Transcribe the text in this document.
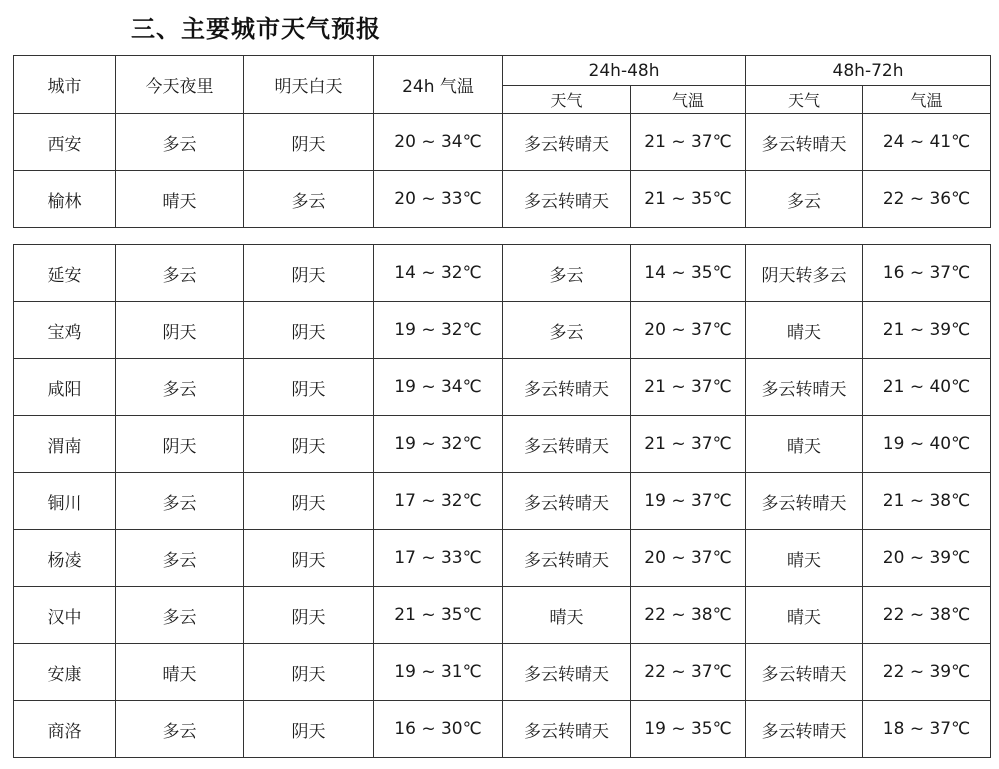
三、主要城市天气预报
城市	今天夜里	明天白天	24h 气温	24h-48h		48h-72h	
				天气	气温	天气	气温
西安	多云	阴天	20 ~ 34℃	多云转晴天	21 ~ 37℃	多云转晴天	24 ~ 41℃
榆林	晴天	多云	20 ~ 33℃	多云转晴天	21 ~ 35℃	多云	22 ~ 36℃
延安	多云	阴天	14 ~ 32℃	多云	14 ~ 35℃	阴天转多云	16 ~ 37℃
宝鸡	阴天	阴天	19 ~ 32℃	多云	20 ~ 37℃	晴天	21 ~ 39℃
咸阳	多云	阴天	19 ~ 34℃	多云转晴天	21 ~ 37℃	多云转晴天	21 ~ 40℃
渭南	阴天	阴天	19 ~ 32℃	多云转晴天	21 ~ 37℃	晴天	19 ~ 40℃
铜川	多云	阴天	17 ~ 32℃	多云转晴天	19 ~ 37℃	多云转晴天	21 ~ 38℃
杨凌	多云	阴天	17 ~ 33℃	多云转晴天	20 ~ 37℃	晴天	20 ~ 39℃
汉中	多云	阴天	21 ~ 35℃	晴天	22 ~ 38℃	晴天	22 ~ 38℃
安康	晴天	阴天	19 ~ 31℃	多云转晴天	22 ~ 37℃	多云转晴天	22 ~ 39℃
商洛	多云	阴天	16 ~ 30℃	多云转晴天	19 ~ 35℃	多云转晴天	18 ~ 37℃
